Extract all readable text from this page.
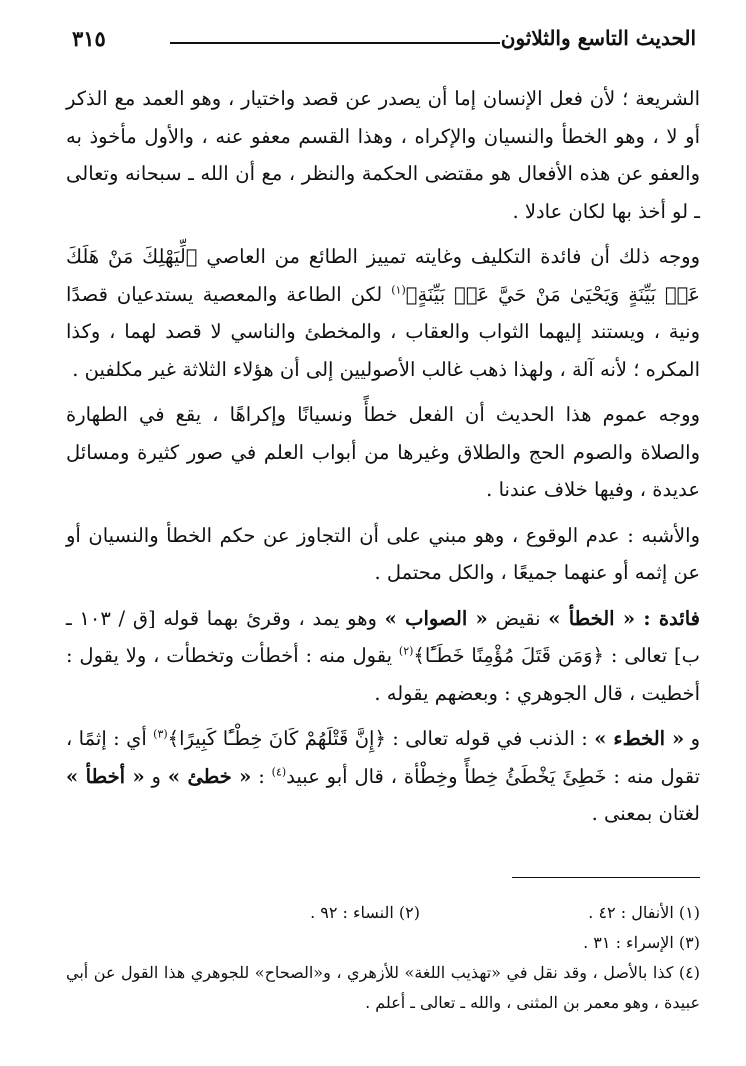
الحديث التاسع والثلاثون
٣١٥

الشريعة ؛ لأن فعل الإنسان إما أن يصدر عن قصد واختيار ، وهو العمد مع الذكر أو لا ، وهو الخطأ والنسيان والإكراه ، وهذا القسم معفو عنه ، والأول مأخوذ به والعفو عن هذه الأفعال هو مقتضى الحكمة والنظر ، مع أن الله ـ سبحانه وتعالى ـ لو أخذ بها لكان عادلا .

ووجه ذلك أن فائدة التكليف وغايته تمييز الطائع من العاصي ﴿لِّيَهْلِكَ مَنْ هَلَكَ عَنۢ بَيِّنَةٍ وَيَحْيَىٰ مَنْ حَيَّ عَنۢ بَيِّنَةٍ﴾$^{(١)}$ لكن الطاعة والمعصية يستدعيان قصدًا ونية ، ويستند إليهما الثواب والعقاب ، والمخطئ والناسي لا قصد لهما ، وكذا المكره ؛ لأنه آلة ، ولهذا ذهب غالب الأصوليين إلى أن هؤلاء الثلاثة غير مكلفين .

ووجه عموم هذا الحديث أن الفعل خطأً ونسيانًا وإكراهًا ، يقع في الطهارة والصلاة والصوم الحج والطلاق وغيرها من أبواب العلم في صور كثيرة ومسائل عديدة ، وفيها خلاف عندنا .

والأشبه : عدم الوقوع ، وهو مبني على أن التجاوز عن حكم الخطأ والنسيان أو عن إثمه أو عنهما جميعًا ، والكل محتمل .

فائدة : « الخطأ » نقيض « الصواب » وهو يمد ، وقرئ بهما قوله [ق / ١٠٣ ـ ب] تعالى : ﴿وَمَن قَتَلَ مُؤْمِنًا خَطَـًٔا﴾$^{(٢)}$ يقول منه : أخطأت وتخطأت ، ولا يقول : أخطيت ، قال الجوهري : وبعضهم يقوله .

و « الخطء » : الذنب في قوله تعالى : ﴿إِنَّ قَتْلَهُمْ كَانَ خِطْـًٔا كَبِيرًا﴾$^{(٣)}$ أي : إثمًا ، تقول منه : خَطِئَ يَخْطَئُ خِطأً وخِطْأة ، قال أبو عبيد$^{(٤)}$ : « خطئ » و « أخطأ » لغتان بمعنى .

(١) الأنفال : ٤٢ .
(٢) النساء : ٩٢ .
(٣) الإسراء : ٣١ .
(٤) كذا بالأصل ، وقد نقل في «تهذيب اللغة» للأزهري ، و«الصحاح» للجوهري هذا القول عن أبي عبيدة ، وهو معمر بن المثنى ، والله ـ تعالى ـ أعلم .
